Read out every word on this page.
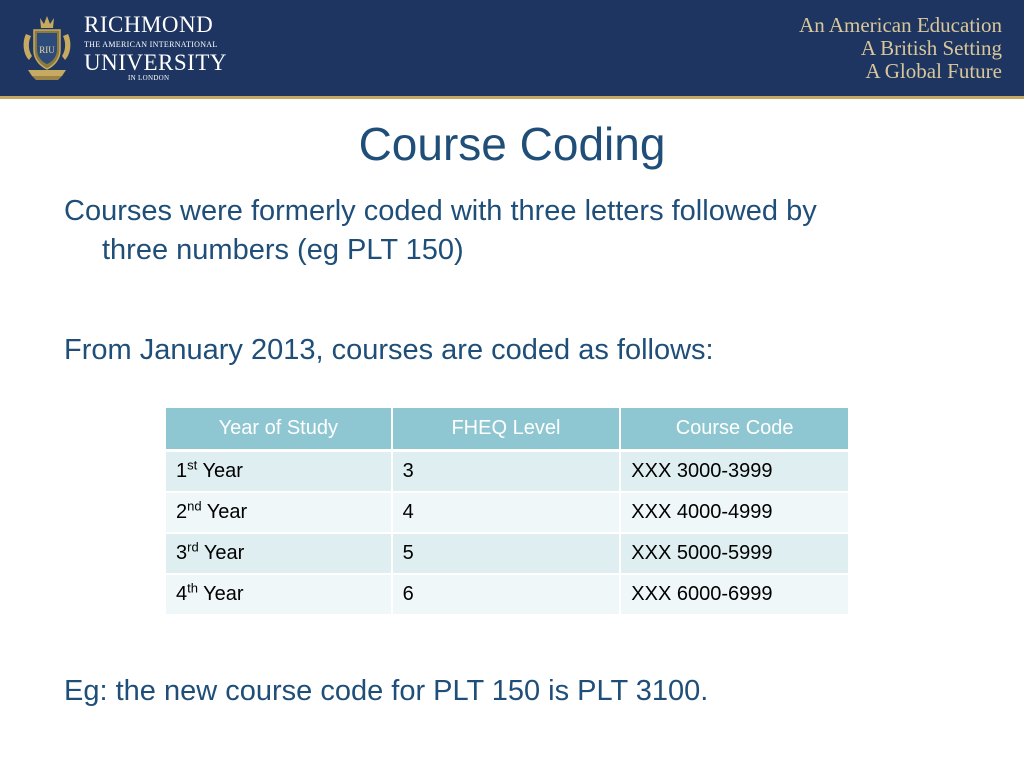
RIU
RICHMOND
THE AMERICAN INTERNATIONAL
UNIVERSITY
IN LONDON
An American Education
A British Setting
A Global Future
Course Coding
Courses were formerly coded with three letters followed by
three numbers (eg PLT 150)
From January 2013, courses are coded as follows:
Year of Study	FHEQ Level	Course Code
1st Year	3	XXX 3000-3999
2nd Year	4	XXX 4000-4999
3rd Year	5	XXX 5000-5999
4th Year	6	XXX 6000-6999
Eg: the new course code for PLT 150 is PLT 3100.
